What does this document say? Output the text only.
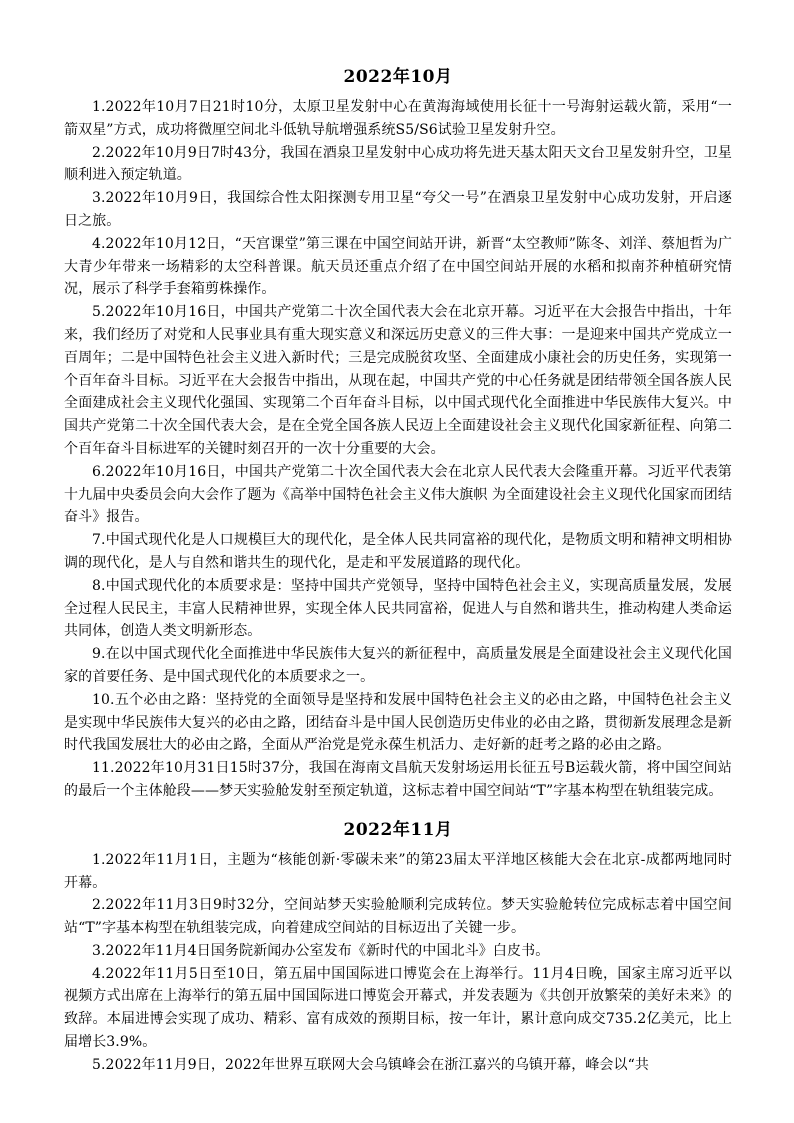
2022年10月

1.2022年10月7日21时10分，太原卫星发射中心在黄海海域使用长征十一号海射运载火箭，采用“一箭双星”方式，成功将微厘空间北斗低轨导航增强系统S5/S6试验卫星发射升空。

2.2022年10月9日7时43分，我国在酒泉卫星发射中心成功将先进天基太阳天文台卫星发射升空，卫星顺利进入预定轨道。

3.2022年10月9日，我国综合性太阳探测专用卫星“夸父一号”在酒泉卫星发射中心成功发射，开启逐日之旅。

4.2022年10月12日，“天宫课堂”第三课在中国空间站开讲，新晋“太空教师”陈冬、刘洋、蔡旭哲为广大青少年带来一场精彩的太空科普课。航天员还重点介绍了在中国空间站开展的水稻和拟南芥种植研究情况，展示了科学手套箱剪株操作。

5.2022年10月16日，中国共产党第二十次全国代表大会在北京开幕。习近平在大会报告中指出，十年来，我们经历了对党和人民事业具有重大现实意义和深远历史意义的三件大事：一是迎来中国共产党成立一百周年；二是中国特色社会主义进入新时代；三是完成脱贫攻坚、全面建成小康社会的历史任务，实现第一个百年奋斗目标。习近平在大会报告中指出，从现在起，中国共产党的中心任务就是团结带领全国各族人民全面建成社会主义现代化强国、实现第二个百年奋斗目标，以中国式现代化全面推进中华民族伟大复兴。中国共产党第二十次全国代表大会，是在全党全国各族人民迈上全面建设社会主义现代化国家新征程、向第二个百年奋斗目标进军的关键时刻召开的一次十分重要的大会。

6.2022年10月16日，中国共产党第二十次全国代表大会在北京人民代表大会隆重开幕。习近平代表第十九届中央委员会向大会作了题为《高举中国特色社会主义伟大旗帜 为全面建设社会主义现代化国家而团结奋斗》报告。

7.中国式现代化是人口规模巨大的现代化，是全体人民共同富裕的现代化，是物质文明和精神文明相协调的现代化，是人与自然和谐共生的现代化，是走和平发展道路的现代化。

8.中国式现代化的本质要求是：坚持中国共产党领导，坚持中国特色社会主义，实现高质量发展，发展全过程人民民主，丰富人民精神世界，实现全体人民共同富裕，促进人与自然和谐共生，推动构建人类命运共同体，创造人类文明新形态。

9.在以中国式现代化全面推进中华民族伟大复兴的新征程中，高质量发展是全面建设社会主义现代化国家的首要任务、是中国式现代化的本质要求之一。

10.五个必由之路：坚持党的全面领导是坚持和发展中国特色社会主义的必由之路，中国特色社会主义是实现中华民族伟大复兴的必由之路，团结奋斗是中国人民创造历史伟业的必由之路，贯彻新发展理念是新时代我国发展壮大的必由之路，全面从严治党是党永葆生机活力、走好新的赶考之路的必由之路。

11.2022年10月31日15时37分，我国在海南文昌航天发射场运用长征五号B运载火箭，将中国空间站的最后一个主体舱段——梦天实验舱发射至预定轨道，这标志着中国空间站“T”字基本构型在轨组装完成。

2022年11月

1.2022年11月1日，主题为“核能创新·零碳未来”的第23届太平洋地区核能大会在北京-成都两地同时开幕。

2.2022年11月3日9时32分，空间站梦天实验舱顺利完成转位。梦天实验舱转位完成标志着中国空间站“T”字基本构型在轨组装完成，向着建成空间站的目标迈出了关键一步。

3.2022年11月4日国务院新闻办公室发布《新时代的中国北斗》白皮书。

4.2022年11月5日至10日，第五届中国国际进口博览会在上海举行。11月4日晚，国家主席习近平以视频方式出席在上海举行的第五届中国国际进口博览会开幕式，并发表题为《共创开放繁荣的美好未来》的致辞。本届进博会实现了成功、精彩、富有成效的预期目标，按一年计，累计意向成交735.2亿美元，比上届增长3.9%。

5.2022年11月9日，2022年世界互联网大会乌镇峰会在浙江嘉兴的乌镇开幕，峰会以“共
